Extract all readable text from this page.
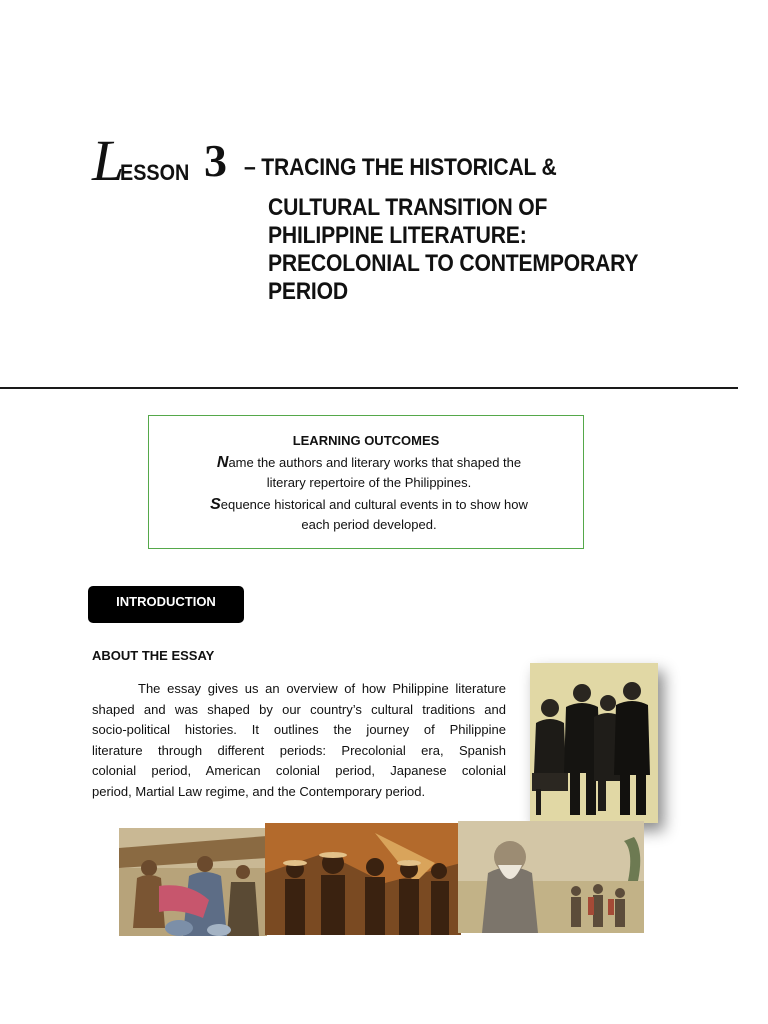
LESSON 3 – TRACING THE HISTORICAL &
CULTURAL TRANSITION OF
PHILIPPINE LITERATURE:
PRECOLONIAL TO CONTEMPORARY
PERIOD
LEARNING OUTCOMES
Name the authors and literary works that shaped the
literary repertoire of the Philippines.
Sequence historical and cultural events in to show how
each period developed.
INTRODUCTION
ABOUT THE ESSAY
The essay gives us an overview of how Philippine literature
shaped and was shaped by our country’s cultural traditions and
socio-political histories. It outlines the journey of Philippine
literature through different periods: Precolonial era, Spanish
colonial period, American colonial period, Japanese colonial
period, Martial Law regime, and the Contemporary period.
